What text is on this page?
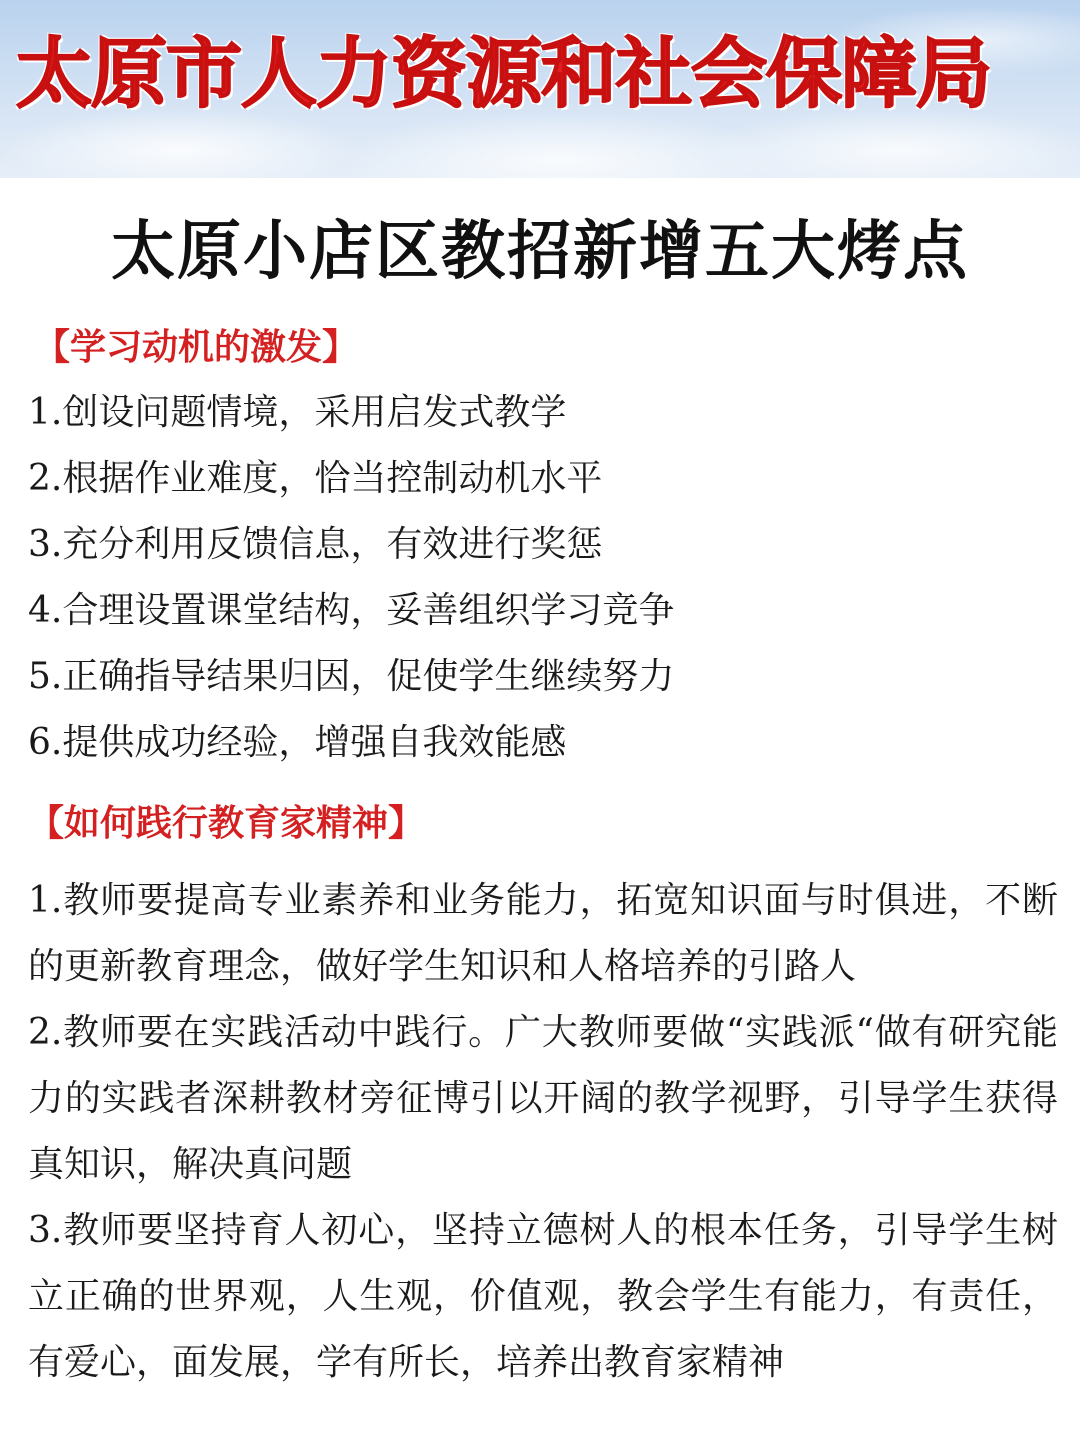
太原市人力资源和社会保障局
太原小店区教招新增五大烤点
【学习动机的激发】

1.创设问题情境，采用启发式教学

2.根据作业难度，恰当控制动机水平

3.充分利用反馈信息，有效进行奖惩

4.合理设置课堂结构，妥善组织学习竞争

5.正确指导结果归因，促使学生继续努力

6.提供成功经验，增强自我效能感

【如何践行教育家精神】

1.教师要提高专业素养和业务能力，拓宽知识面与时俱进，不断的更新教育理念，做好学生知识和人格培养的引路人

2.教师要在实践活动中践行。广大教师要做“实践派“做有研究能力的实践者深耕教材旁征博引以开阔的教学视野，引导学生获得真知识，解决真问题

3.教师要坚持育人初心，坚持立德树人的根本任务，引导学生树立正确的世界观，人生观，价值观，教会学生有能力，有责任，有爱心，面发展，学有所长，培养出教育家精神
